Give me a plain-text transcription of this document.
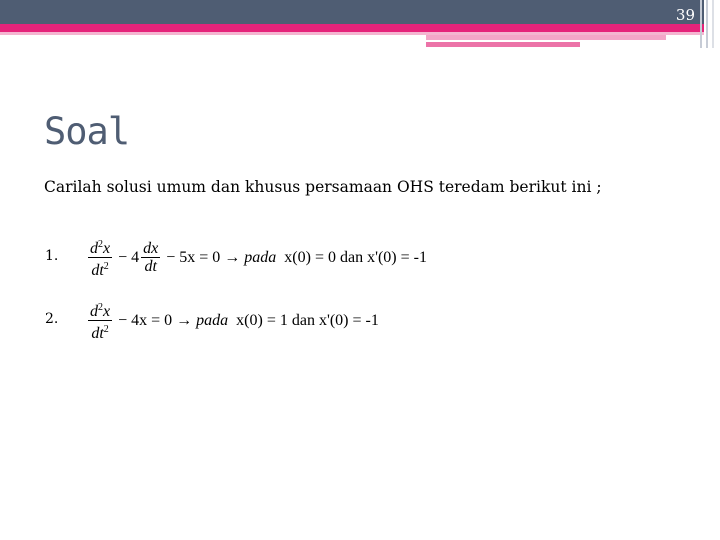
39
Soal

Carilah solusi umum dan khusus persamaan OHS teredam berikut ini ;

1. $\frac{d^2x}{dt^2} - 4 \frac{dx}{dt} - 5x = 0$ → pada x(0) = 0 dan x'(0) = -1
2. $\frac{d^2x}{dt^2} - 4x = 0$ → pada x(0) = 1 dan x'(0) = -1
